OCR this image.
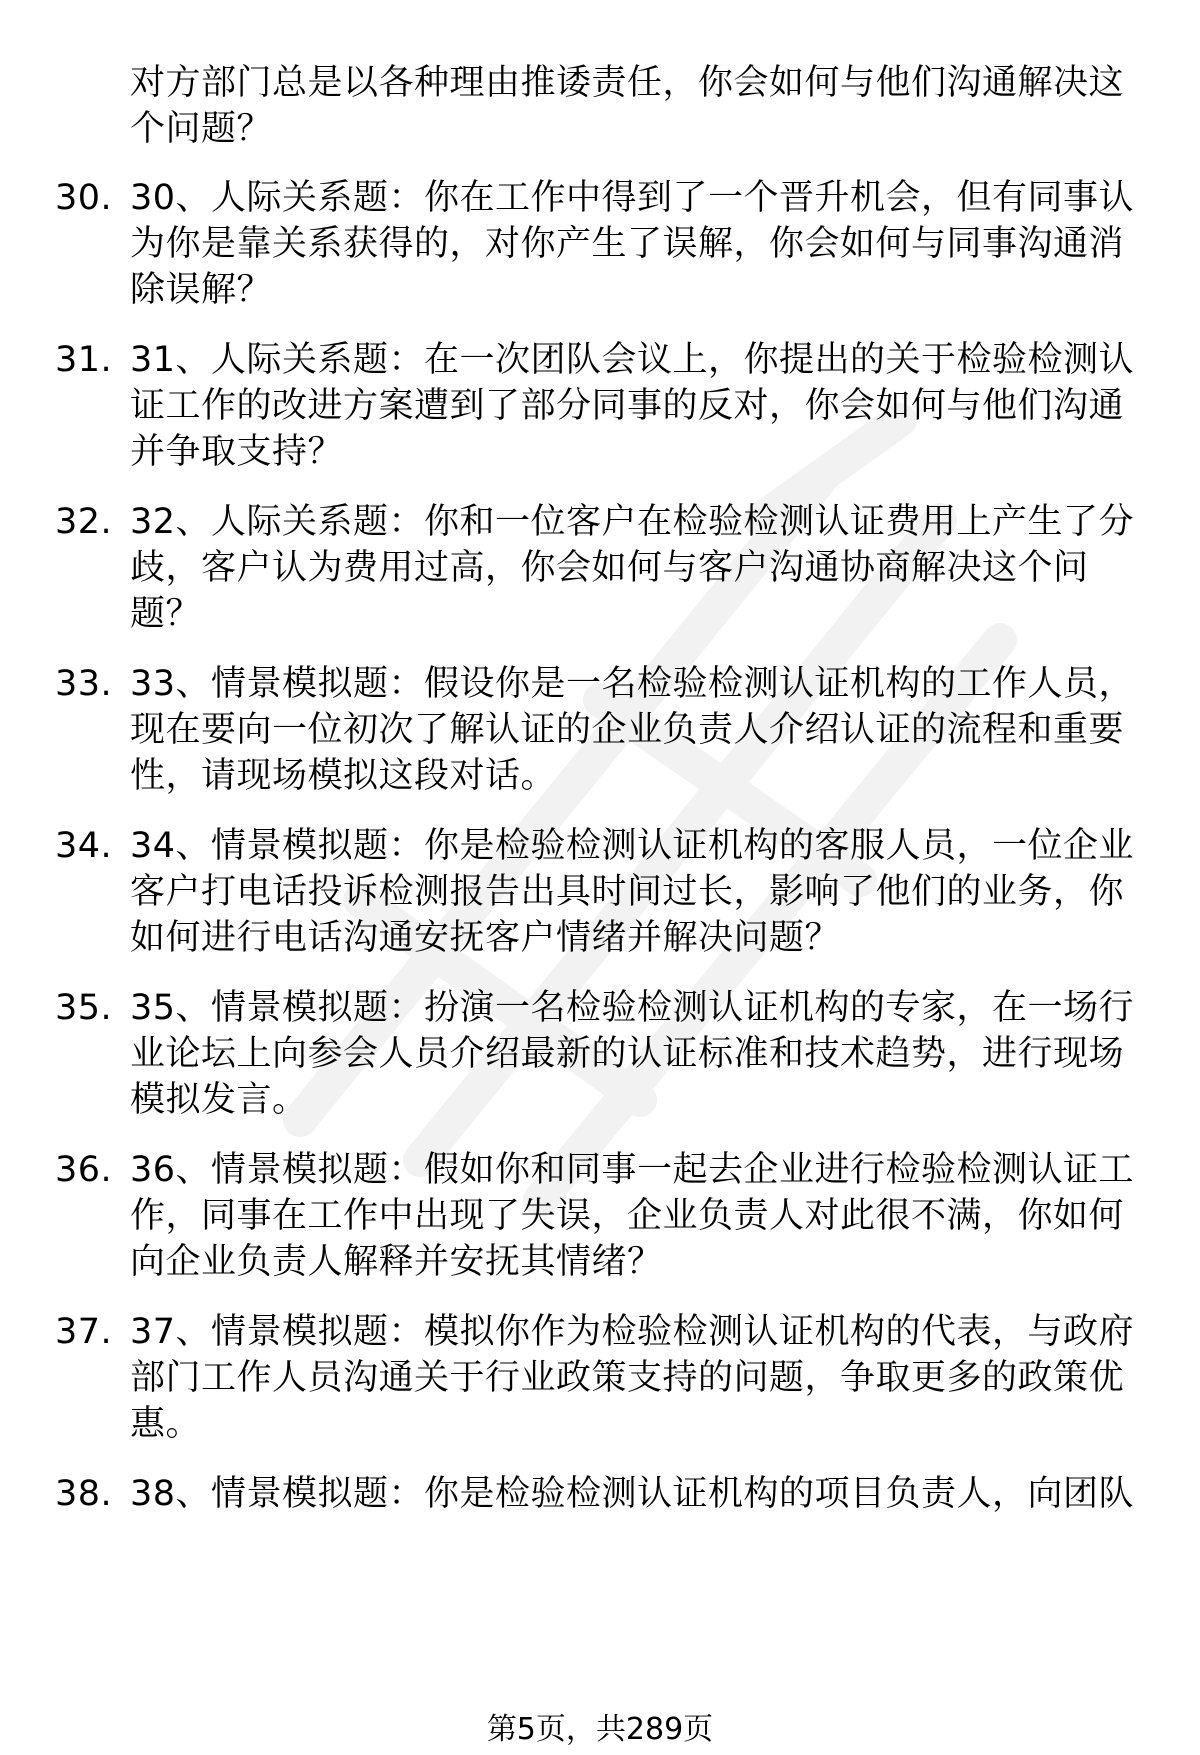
对方部门总是以各种理由推诿责任，你会如何与他们沟通解决这个问题？
30. 30、人际关系题：你在工作中得到了一个晋升机会，但有同事认为你是靠关系获得的，对你产生了误解，你会如何与同事沟通消除误解？
31. 31、人际关系题：在一次团队会议上，你提出的关于检验检测认证工作的改进方案遭到了部分同事的反对，你会如何与他们沟通并争取支持？
32. 32、人际关系题：你和一位客户在检验检测认证费用上产生了分歧，客户认为费用过高，你会如何与客户沟通协商解决这个问题？
33. 33、情景模拟题：假设你是一名检验检测认证机构的工作人员，现在要向一位初次了解认证的企业负责人介绍认证的流程和重要性，请现场模拟这段对话。
34. 34、情景模拟题：你是检验检测认证机构的客服人员，一位企业客户打电话投诉检测报告出具时间过长，影响了他们的业务，你如何进行电话沟通安抚客户情绪并解决问题？
35. 35、情景模拟题：扮演一名检验检测认证机构的专家，在一场行业论坛上向参会人员介绍最新的认证标准和技术趋势，进行现场模拟发言。
36. 36、情景模拟题：假如你和同事一起去企业进行检验检测认证工作，同事在工作中出现了失误，企业负责人对此很不满，你如何向企业负责人解释并安抚其情绪？
37. 37、情景模拟题：模拟你作为检验检测认证机构的代表，与政府部门工作人员沟通关于行业政策支持的问题，争取更多的政策优惠。
38. 38、情景模拟题：你是检验检测认证机构的项目负责人，向团队
第5页，共289页
